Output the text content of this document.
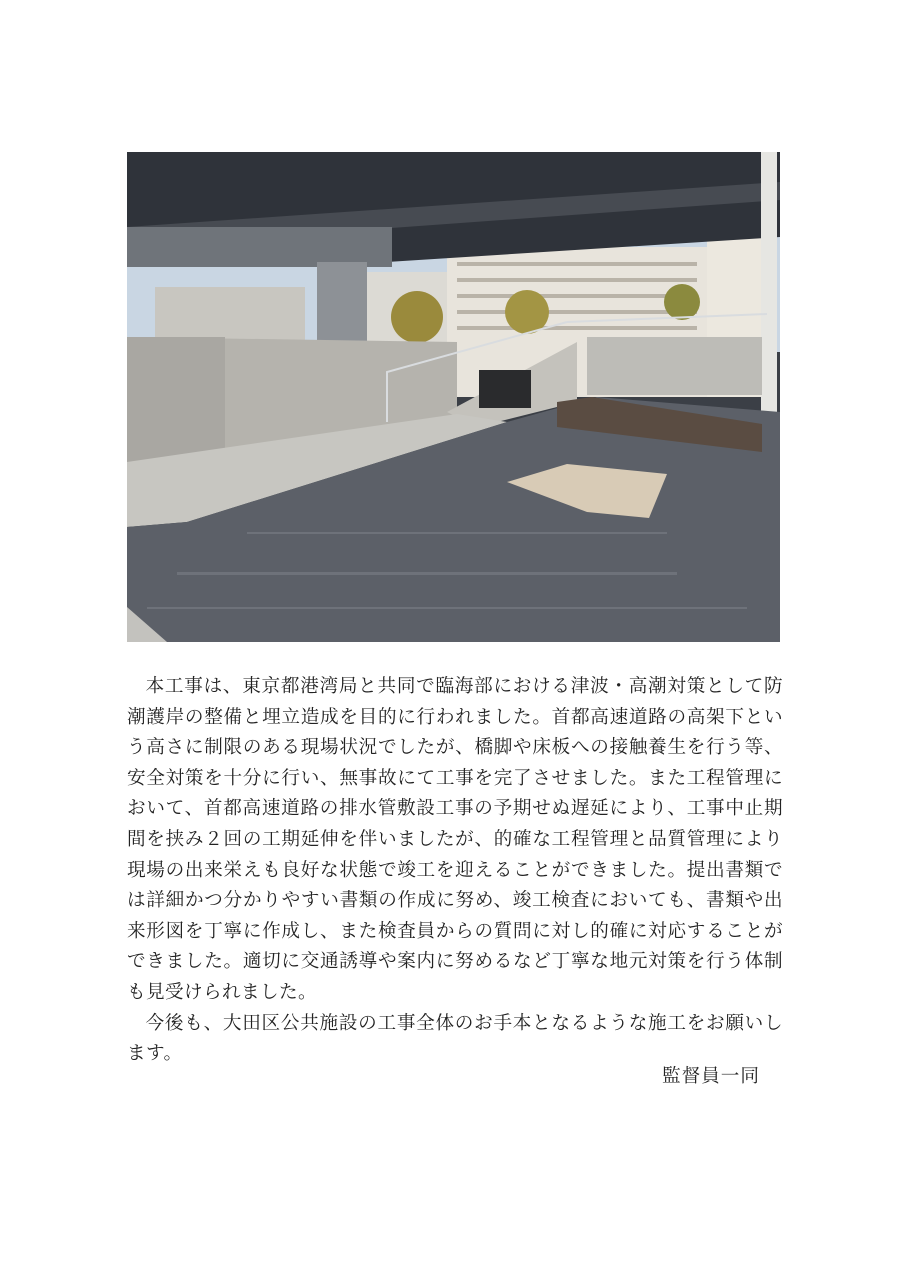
本工事は、東京都港湾局と共同で臨海部における津波・高潮対策として防潮護岸の整備と埋立造成を目的に行われました。首都高速道路の高架下という高さに制限のある現場状況でしたが、橋脚や床板への接触養生を行う等、安全対策を十分に行い、無事故にて工事を完了させました。また工程管理において、首都高速道路の排水管敷設工事の予期せぬ遅延により、工事中止期間を挟み２回の工期延伸を伴いましたが、的確な工程管理と品質管理により現場の出来栄えも良好な状態で竣工を迎えることができました。提出書類では詳細かつ分かりやすい書類の作成に努め、竣工検査においても、書類や出来形図を丁寧に作成し、また検査員からの質問に対し的確に対応することができました。適切に交通誘導や案内に努めるなど丁寧な地元対策を行う体制も見受けられました。

今後も、大田区公共施設の工事全体のお手本となるような施工をお願いします。

監督員一同
